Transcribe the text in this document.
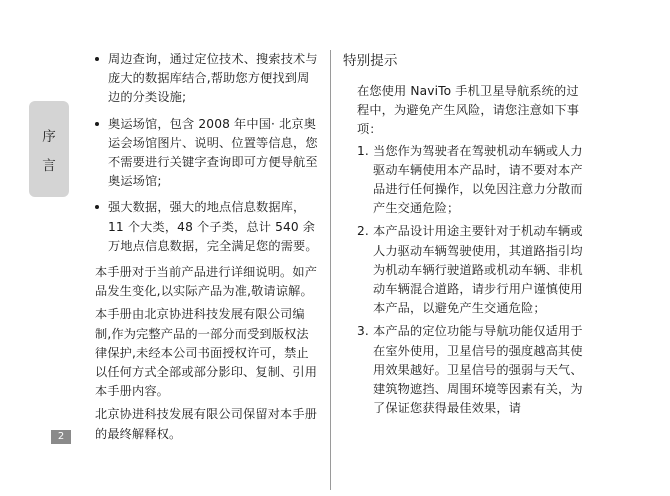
序
言
2
周边查询，通过定位技术、搜索技术与庞大的数据库结合,帮助您方便找到周边的分类设施;
奥运场馆，包含 2008 年中国· 北京奥运会场馆图片、说明、位置等信息，您不需要进行关键字查询即可方便导航至奥运场馆;
强大数据，强大的地点信息数据库，11 个大类，48 个子类，总计 540 余万地点信息数据，完全满足您的需要。

本手册对于当前产品进行详细说明。如产品发生变化,以实际产品为准,敬请谅解。

本手册由北京协进科技发展有限公司编制,作为完整产品的一部分而受到版权法律保护,未经本公司书面授权许可，禁止以任何方式全部或部分影印、复制、引用本手册内容。

北京协进科技发展有限公司保留对本手册的最终解释权。

特别提示

在您使用 NaviTo 手机卫星导航系统的过程中，为避免产生风险，请您注意如下事项：

1. 当您作为驾驶者在驾驶机动车辆或人力驱动车辆使用本产品时，请不要对本产品进行任何操作，以免因注意力分散而产生交通危险；
2. 本产品设计用途主要针对于机动车辆或人力驱动车辆驾驶使用，其道路指引均为机动车辆行驶道路或机动车辆、非机动车辆混合道路，请步行用户谨慎使用本产品，以避免产生交通危险；
3. 本产品的定位功能与导航功能仅适用于在室外使用，卫星信号的强度越高其使用效果越好。卫星信号的强弱与天气、建筑物遮挡、周围环境等因素有关，为了保证您获得最佳效果，请
